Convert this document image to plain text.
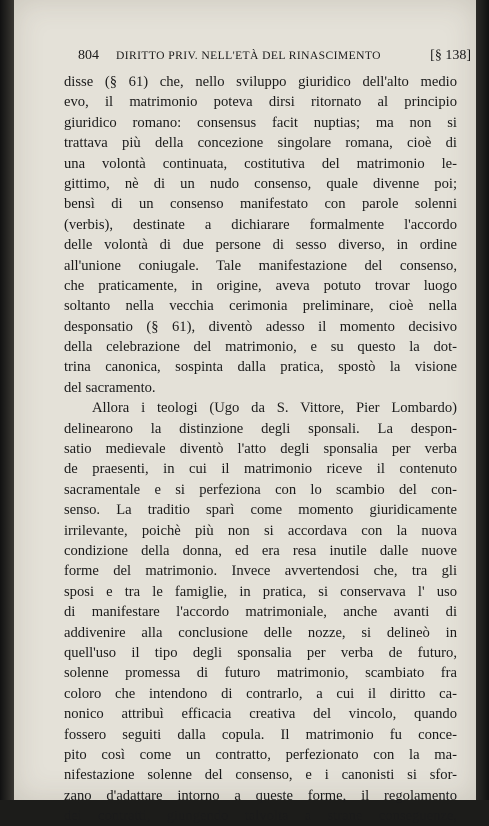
804 DIRITTO PRIV. NELL'ETÀ DEL RINASCIMENTO	[§ 138]
disse (§ 61) che, nello sviluppo giuridico dell'alto medio
evo, il matrimonio poteva dirsi ritornato al principio
giuridico romano: consensus facit nuptias; ma non si
trattava più della concezione singolare romana, cioè di
una volontà continuata, costitutiva del matrimonio le-
gittimo, nè di un nudo consenso, quale divenne poi;
bensì di un consenso manifestato con parole solenni
(verbis), destinate a dichiarare formalmente l'accordo
delle volontà di due persone di sesso diverso, in ordine
all'unione coniugale. Tale manifestazione del consenso,
che praticamente, in origine, aveva potuto trovar luogo
soltanto nella vecchia cerimonia preliminare, cioè nella
desponsatio (§ 61), diventò adesso il momento decisivo
della celebrazione del matrimonio, e su questo la dot-
trina canonica, sospinta dalla pratica, spostò la visione
del sacramento.
Allora i teologi (Ugo da S. Vittore, Pier Lombardo)
delinearono la distinzione degli sponsali. La despon-
satio medievale diventò l'atto degli sponsalia per verba
de praesenti, in cui il matrimonio riceve il contenuto
sacramentale e si perfeziona con lo scambio del con-
senso. La traditio sparì come momento giuridicamente
irrilevante, poichè più non si accordava con la nuova
condizione della donna, ed era resa inutile dalle nuove
forme del matrimonio. Invece avvertendosi che, tra gli
sposi e tra le famiglie, in pratica, si conservava l' uso
di manifestare l'accordo matrimoniale, anche avanti di
addivenire alla conclusione delle nozze, si delineò in
quell'uso il tipo degli sponsalia per verba de futuro,
solenne promessa di futuro matrimonio, scambiato fra
coloro che intendono di contrarlo, a cui il diritto ca-
nonico attribuì efficacia creativa del vincolo, quando
fossero seguiti dalla copula. Il matrimonio fu conce-
pito così come un contratto, perfezionato con la ma-
nifestazione solenne del consenso, e i canonisti si sfor-
zano d'adattare intorno a queste forme, il regolamento
dei contratti, giungendo talvolta a strane conseguenze,
